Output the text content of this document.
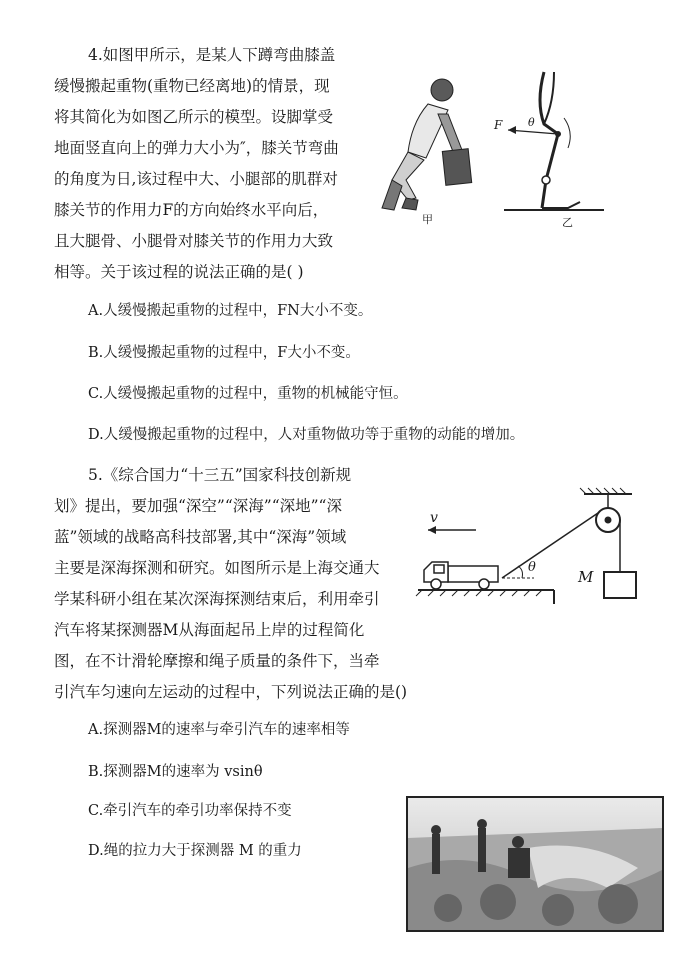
4.如图甲所示，是某人下蹲弯曲膝盖
缓慢搬起重物(重物已经离地)的情景，现
将其简化为如图乙所示的模型。设脚掌受
地面竖直向上的弹力大小为″，膝关节弯曲
的角度为日,该过程中大、小腿部的肌群对
膝关节的作用力F的方向始终水平向后，
且大腿骨、小腿骨对膝关节的作用力大致
相等。关于该过程的说法正确的是( )
A.人缓慢搬起重物的过程中，FN大小不变。
B.人缓慢搬起重物的过程中，F大小不变。
C.人缓慢搬起重物的过程中，重物的机械能守恒。
D.人缓慢搬起重物的过程中，人对重物做功等于重物的动能的增加。
甲	乙
F θ
5.《综合国力“十三五”国家科技创新规
划》提出，要加强“深空”“深海”“深地”“深
蓝”领域的战略高科技部署,其中“深海”领域
主要是深海探测和研究。如图所示是上海交通大
学某科研小组在某次深海探测结束后，利用牵引
汽车将某探测器M从海面起吊上岸的过程简化
图，在不计滑轮摩擦和绳子质量的条件下，当牵
引汽车匀速向左运动的过程中，下列说法正确的是()
A.探测器M的速率与牵引汽车的速率相等
B.探测器M的速率为 vsinθ
C.牵引汽车的牵引功率保持不变
D.绳的拉力大于探测器 M 的重力
v
θ
M
